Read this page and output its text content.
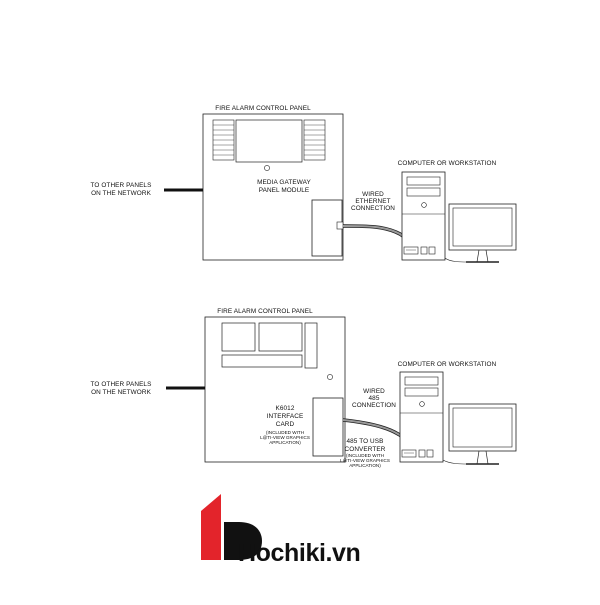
FIRE ALARM CONTROL PANEL
TO OTHER PANELS
ON THE NETWORK
MEDIA GATEWAY
PANEL MODULE
WIRED
ETHERNET
CONNECTION
COMPUTER OR WORKSTATION
FIRE ALARM CONTROL PANEL
TO OTHER PANELS
ON THE NETWORK
K6012
INTERFACE
CARD
(INCLUDED WITH
L@TI-VIEW GRAPHICS
APPLICATION)
WIRED
485
CONNECTION
485 TO USB
CONVERTER
(INCLUDED WITH
L@TI-VIEW GRAPHICS
APPLICATION)
COMPUTER OR WORKSTATION
Hochiki.vn
